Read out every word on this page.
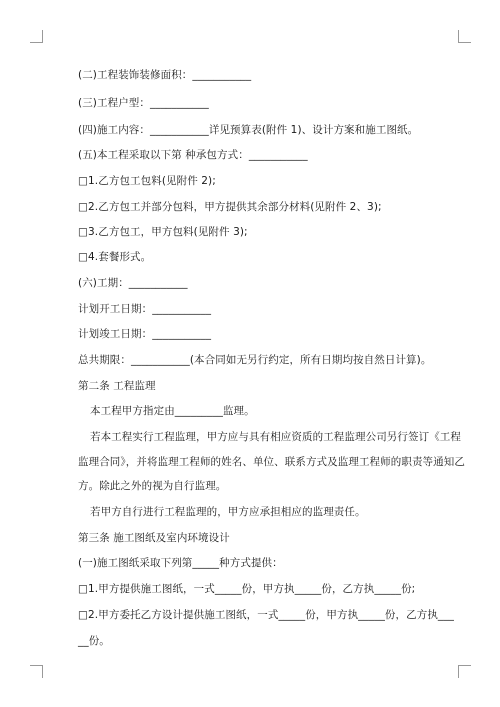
(二)工程装饰装修面积：___________
(三)工程户型：___________
(四)施工内容：___________详见预算表(附件 1)、设计方案和施工图纸。
(五)本工程采取以下第 种承包方式：___________
□1.乙方包工包料(见附件 2);
□2.乙方包工并部分包料，甲方提供其余部分材料(见附件 2、3);
□3.乙方包工，甲方包料(见附件 3);
□4.套餐形式。
(六)工期：___________
计划开工日期：___________
计划竣工日期：___________
总共期限：___________(本合同如无另行约定，所有日期均按自然日计算)。
第二条 工程监理
本工程甲方指定由_________监理。
若本工程实行工程监理，甲方应与具有相应资质的工程监理公司另行签订《工程
监理合同》，并将监理工程师的姓名、单位、联系方式及监理工程师的职责等通知乙
方。除此之外的视为自行监理。
若甲方自行进行工程监理的，甲方应承担相应的监理责任。
第三条 施工图纸及室内环境设计
(一)施工图纸采取下列第_____种方式提供：
□1.甲方提供施工图纸，一式_____份，甲方执_____份，乙方执_____份;
□2.甲方委托乙方设计提供施工图纸，一式_____份，甲方执_____份，乙方执___
__份。
